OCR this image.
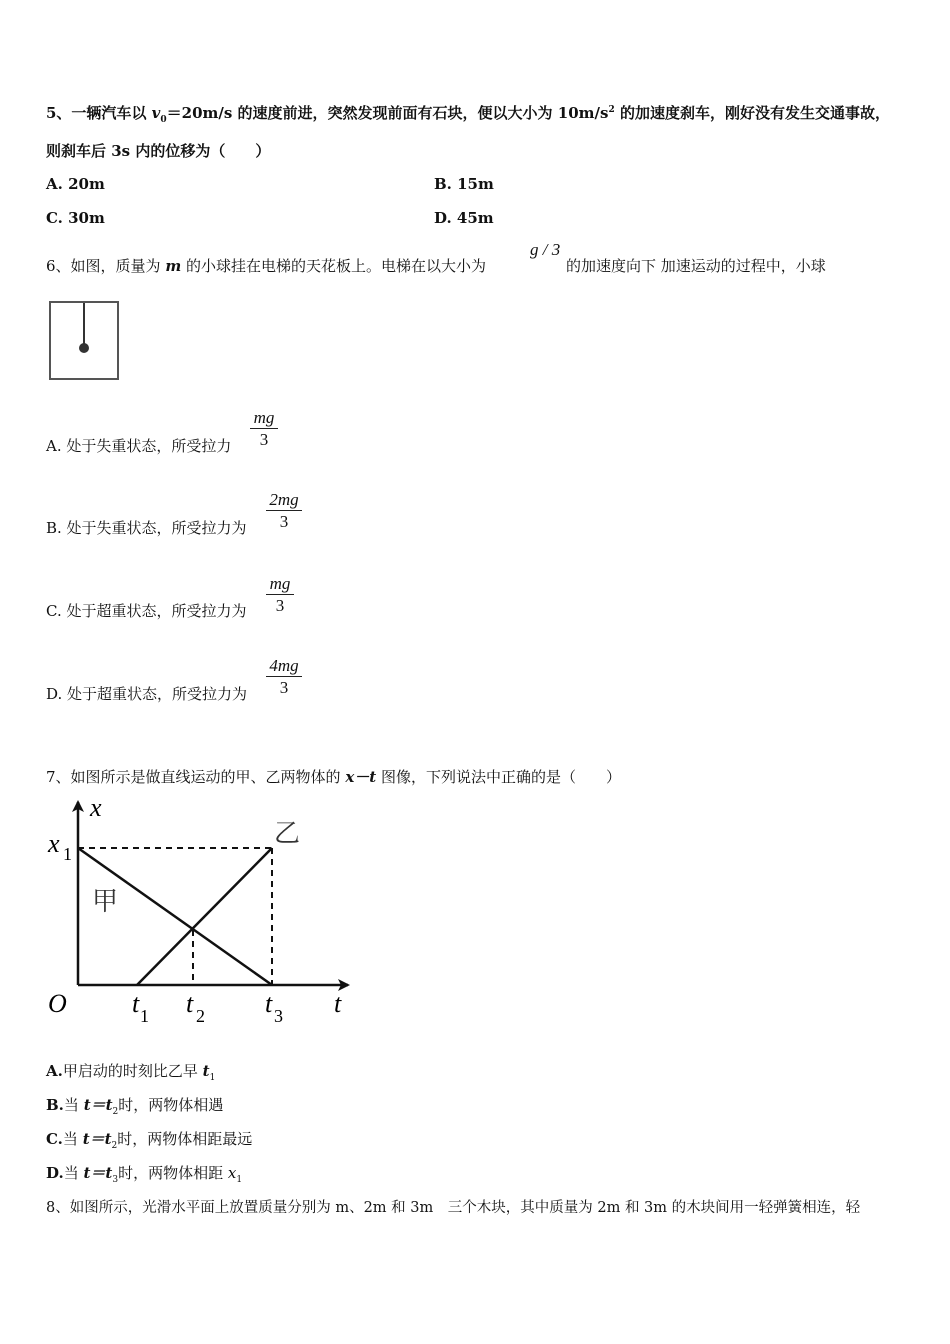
5、一辆汽车以 $v_0=20m/s$ 的速度前进，突然发现前面有石块，便以大小为 $10m/s^2$ 的加速度刹车，刚好没有发生交通事故，
则刹车后 3s 内的位移为（　　）
A. 20m	B. 15m
C. 30m	D. 45m
6、如图，质量为 m 的小球挂在电梯的天花板上。电梯在以大小为
g / 3
的加速度向下 加速运动的过程中，小球
A. 处于失重状态，所受拉力 $\frac{mg}{3}$
B. 处于失重状态，所受拉力为 $\frac{2mg}{3}$
C. 处于超重状态，所受拉力为 $\frac{mg}{3}$
D. 处于超重状态，所受拉力为 $\frac{4mg}{3}$
7、如图所示是做直线运动的甲、乙两物体的 x－t 图像，下列说法中正确的是（　　）
x
t
O
x 1
t 1 t 2 t 3
甲
乙
A.甲启动的时刻比乙早 $t_1$
B.当 $t=t_2$时，两物体相遇
C.当 $t=t_2$时，两物体相距最远
D.当 $t=t_3$时，两物体相距 $x_1$
8、如图所示，光滑水平面上放置质量分别为 m、2m 和 3m　三个木块，其中质量为 2m 和 3m 的木块间用一轻弹簧相连，轻
